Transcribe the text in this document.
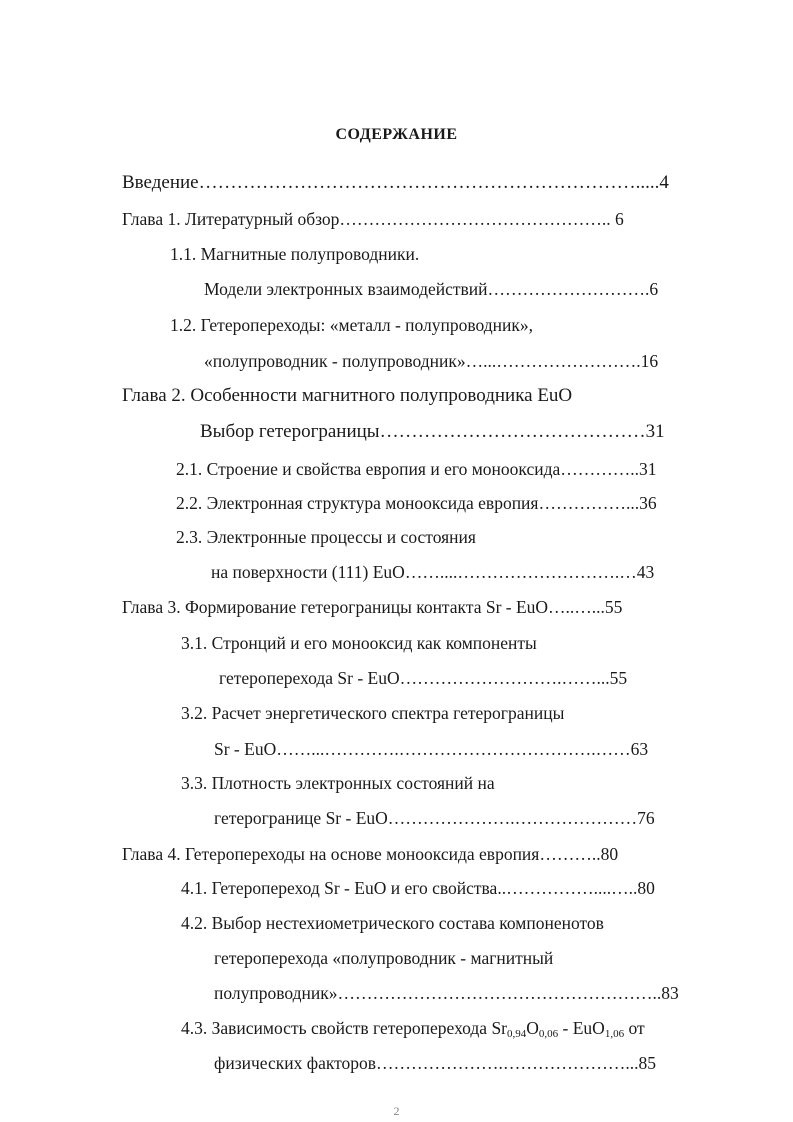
СОДЕРЖАНИЕ
Введение…………………………………………………………….....4
Глава 1. Литературный обзор……………………………………….. 6
1.1. Магнитные полупроводники.
Модели электронных взаимодействий……………………….6
1.2. Гетеропереходы: «металл - полупроводник»,
«полупроводник - полупроводник»…...…………………….16
Глава 2. Особенности магнитного полупроводника EuO
Выбор гетерограницы……………………………………31
2.1. Строение и свойства европия и его монооксида…………..31
2.2. Электронная структура монооксида европия……………...36
2.3. Электронные процессы и состояния
на поверхности (111) EuO……....……………………….…43
Глава 3. Формирование гетерограницы контакта Sr - EuO…..…...55
3.1. Стронций и его монооксид как компоненты
гетероперехода Sr - EuO……………………….……...55
3.2. Расчет энергетического спектра гетерограницы
Sr - EuO……...………….…………………………….……63
3.3. Плотность электронных состояний на
гетерогранице Sr - EuO………………….…………………76
Глава 4. Гетеропереходы на основе монооксида европия………..80
4.1. Гетеропереход Sr - EuO и его свойства..……………....…..80
4.2. Выбор нестехиометрического состава компоненотов
гетероперехода «полупроводник - магнитный
полупроводник»………………………………………………..83
4.3. Зависимость свойств гетероперехода $Sr_{0,94}O_{0,06} - EuO_{1,06}$ от
физических факторов………………….…………………...85
2
